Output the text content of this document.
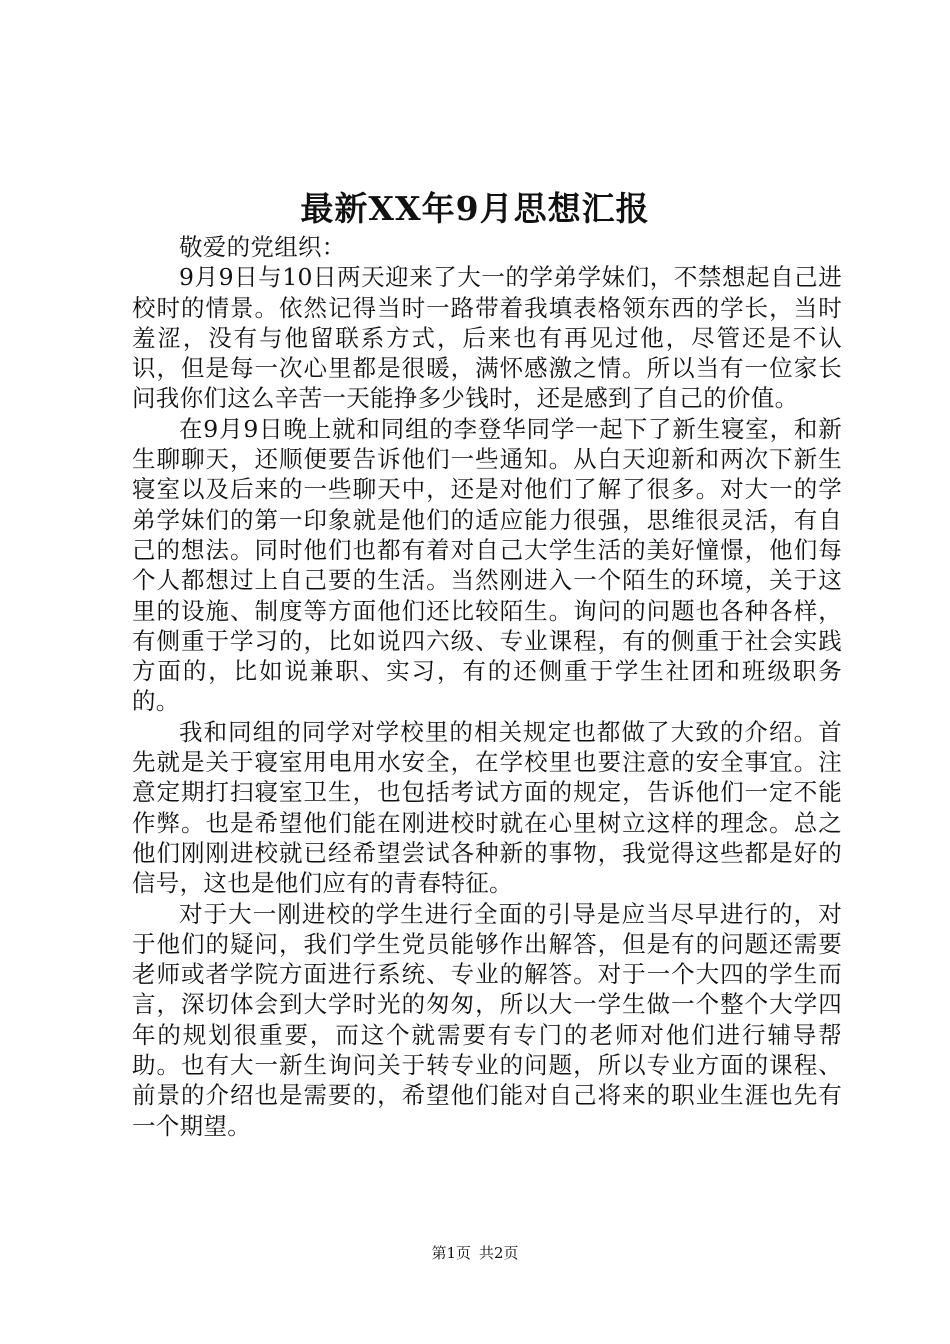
最新XX年9月思想汇报

敬爱的党组织：

9月9日与10日两天迎来了大一的学弟学妹们，不禁想起自己进校时的情景。依然记得当时一路带着我填表格领东西的学长，当时羞涩，没有与他留联系方式，后来也有再见过他，尽管还是不认识，但是每一次心里都是很暖，满怀感激之情。所以当有一位家长问我你们这么辛苦一天能挣多少钱时，还是感到了自己的价值。

在9月9日晚上就和同组的李登华同学一起下了新生寝室，和新生聊聊天，还顺便要告诉他们一些通知。从白天迎新和两次下新生寝室以及后来的一些聊天中，还是对他们了解了很多。对大一的学弟学妹们的第一印象就是他们的适应能力很强，思维很灵活，有自己的想法。同时他们也都有着对自己大学生活的美好憧憬，他们每个人都想过上自己要的生活。当然刚进入一个陌生的环境，关于这里的设施、制度等方面他们还比较陌生。询问的问题也各种各样，有侧重于学习的，比如说四六级、专业课程，有的侧重于社会实践方面的，比如说兼职、实习，有的还侧重于学生社团和班级职务的。

我和同组的同学对学校里的相关规定也都做了大致的介绍。首先就是关于寝室用电用水安全，在学校里也要注意的安全事宜。注意定期打扫寝室卫生，也包括考试方面的规定，告诉他们一定不能作弊。也是希望他们能在刚进校时就在心里树立这样的理念。总之他们刚刚进校就已经希望尝试各种新的事物，我觉得这些都是好的信号，这也是他们应有的青春特征。

对于大一刚进校的学生进行全面的引导是应当尽早进行的，对于他们的疑问，我们学生党员能够作出解答，但是有的问题还需要老师或者学院方面进行系统、专业的解答。对于一个大四的学生而言，深切体会到大学时光的匆匆，所以大一学生做一个整个大学四年的规划很重要，而这个就需要有专门的老师对他们进行辅导帮助。也有大一新生询问关于转专业的问题，所以专业方面的课程、前景的介绍也是需要的，希望他们能对自己将来的职业生涯也先有一个期望。

第1页 共2页
